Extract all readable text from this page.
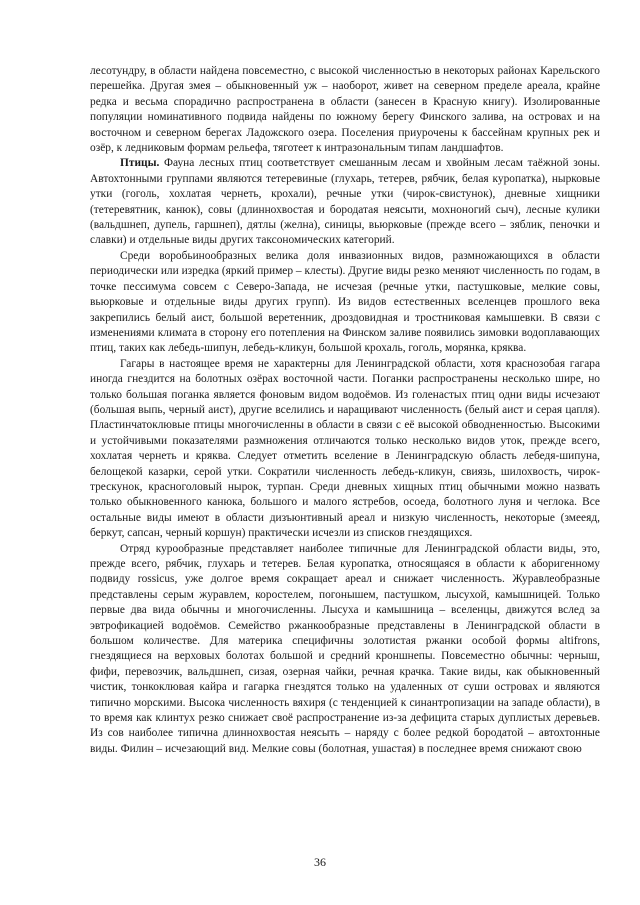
лесотундру, в области найдена повсеместно, с высокой численностью в некоторых районах Карельского перешейка. Другая змея – обыкновенный уж – наоборот, живет на северном пределе ареала, крайне редка и весьма спорадично распространена в области (занесен в Красную книгу). Изолированные популяции номинативного подвида найдены по южному берегу Финского залива, на островах и на восточном и северном берегах Ладожского озера. Поселения приурочены к бассейнам крупных рек и озёр, к ледниковым формам рельефа, тяготеет к интразональным типам ландшафтов.

Птицы. Фауна лесных птиц соответствует смешанным лесам и хвойным лесам таёжной зоны. Автохтонными группами являются тетеревиные (глухарь, тетерев, рябчик, белая куропатка), нырковые утки (гоголь, хохлатая чернеть, крохали), речные утки (чирок-свистунок), дневные хищники (тетеревятник, канюк), совы (длиннохвостая и бородатая неясыти, мохноногий сыч), лесные кулики (вальдшнеп, дупель, гаршнеп), дятлы (желна), синицы, вьюрковые (прежде всего – зяблик, пеночки и славки) и отдельные виды других таксономических категорий.

Среди воробьинообразных велика доля инвазионных видов, размножающихся в области периодически или изредка (яркий пример – клесты). Другие виды резко меняют численность по годам, в точке пессимума совсем с Северо-Запада, не исчезая (речные утки, пастушковые, мелкие совы, вьюрковые и отдельные виды других групп). Из видов естественных вселенцев прошлого века закрепились белый аист, большой веретенник, дроздовидная и тростниковая камышевки. В связи с изменениями климата в сторону его потепления на Финском заливе появились зимовки водоплавающих птиц, таких как лебедь-шипун, лебедь-кликун, большой крохаль, гоголь, морянка, кряква.

Гагары в настоящее время не характерны для Ленинградской области, хотя краснозобая гагара иногда гнездится на болотных озёрах восточной части. Поганки распространены несколько шире, но только большая поганка является фоновым видом водоёмов. Из голенастых птиц одни виды исчезают (большая выпь, черный аист), другие вселились и наращивают численность (белый аист и серая цапля). Пластинчатоклювые птицы многочисленны в области в связи с её высокой обводненностью. Высокими и устойчивыми показателями размножения отличаются только несколько видов уток, прежде всего, хохлатая чернеть и кряква. Следует отметить вселение в Ленинградскую область лебедя-шипуна, белощекой казарки, серой утки. Сократили численность лебедь-кликун, свиязь, шилохвость, чирок-трескунок, красноголовый нырок, турпан. Среди дневных хищных птиц обычными можно назвать только обыкновенного канюка, большого и малого ястребов, осоеда, болотного луня и чеглока. Все остальные виды имеют в области дизъюнтивный ареал и низкую численность, некоторые (змееяд, беркут, сапсан, черный коршун) практически исчезли из списков гнездящихся.

Отряд курообразные представляет наиболее типичные для Ленинградской области виды, это, прежде всего, рябчик, глухарь и тетерев. Белая куропатка, относящаяся в области к аборигенному подвиду rossicus, уже долгое время сокращает ареал и снижает численность. Журавлеобразные представлены серым журавлем, коростелем, погонышем, пастушком, лысухой, камышницей. Только первые два вида обычны и многочисленны. Лысуха и камышница – вселенцы, движутся вслед за эвтрофикацией водоёмов. Семейство ржанкообразные представлены в Ленинградской области в большом количестве. Для материка специфичны золотистая ржанки особой формы altifrons, гнездящиеся на верховых болотах большой и средний кроншнепы. Повсеместно обычны: черныш, фифи, перевозчик, вальдшнеп, сизая, озерная чайки, речная крачка. Такие виды, как обыкновенный чистик, тонкоклювая кайра и гагарка гнездятся только на удаленных от суши островах и являются типично морскими. Высока численность вяхиря (с тенденцией к синантропизации на западе области), в то время как клинтух резко снижает своё распространение из-за дефицита старых дуплистых деревьев. Из сов наиболее типична длиннохвостая неясыть – наряду с более редкой бородатой – автохтонные виды. Филин – исчезающий вид. Мелкие совы (болотная, ушастая) в последнее время снижают свою

36
